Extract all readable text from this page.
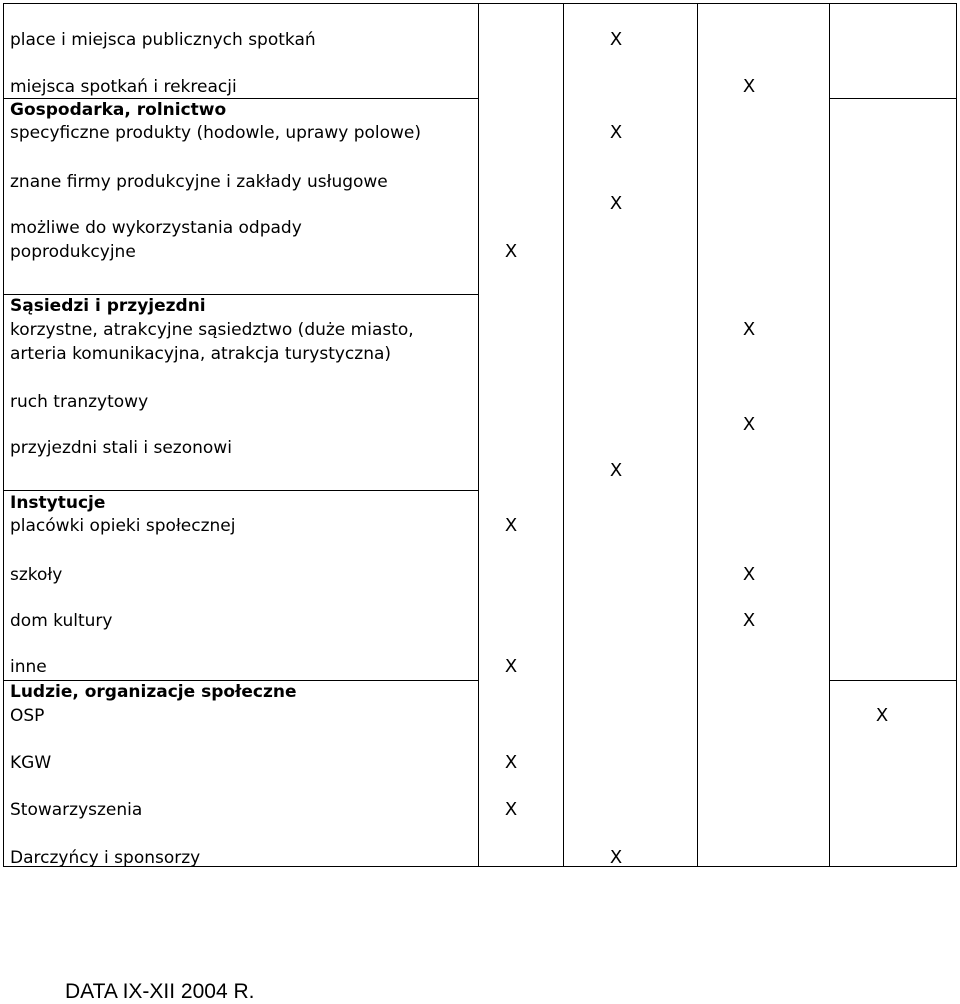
place i miejsca publicznych spotkań
miejsca spotkań i rekreacji
Gospodarka, rolnictwo
specyficzne produkty (hodowle, uprawy polowe)
znane firmy produkcyjne i zakłady usługowe
możliwe do wykorzystania odpady
poprodukcyjne
Sąsiedzi i przyjezdni
korzystne, atrakcyjne sąsiedztwo (duże miasto,
arteria komunikacyjna, atrakcja turystyczna)
ruch tranzytowy
przyjezdni stali i sezonowi
Instytucje
placówki opieki społecznej
szkoły
dom kultury
inne
Ludzie, organizacje społeczne
OSP
KGW
Stowarzyszenia
Darczyńcy i sponsorzy
X
X
X
X
X
X
X
X
X
X
X
X
X
X
X
X
DATA IX-XII 2004 R.
